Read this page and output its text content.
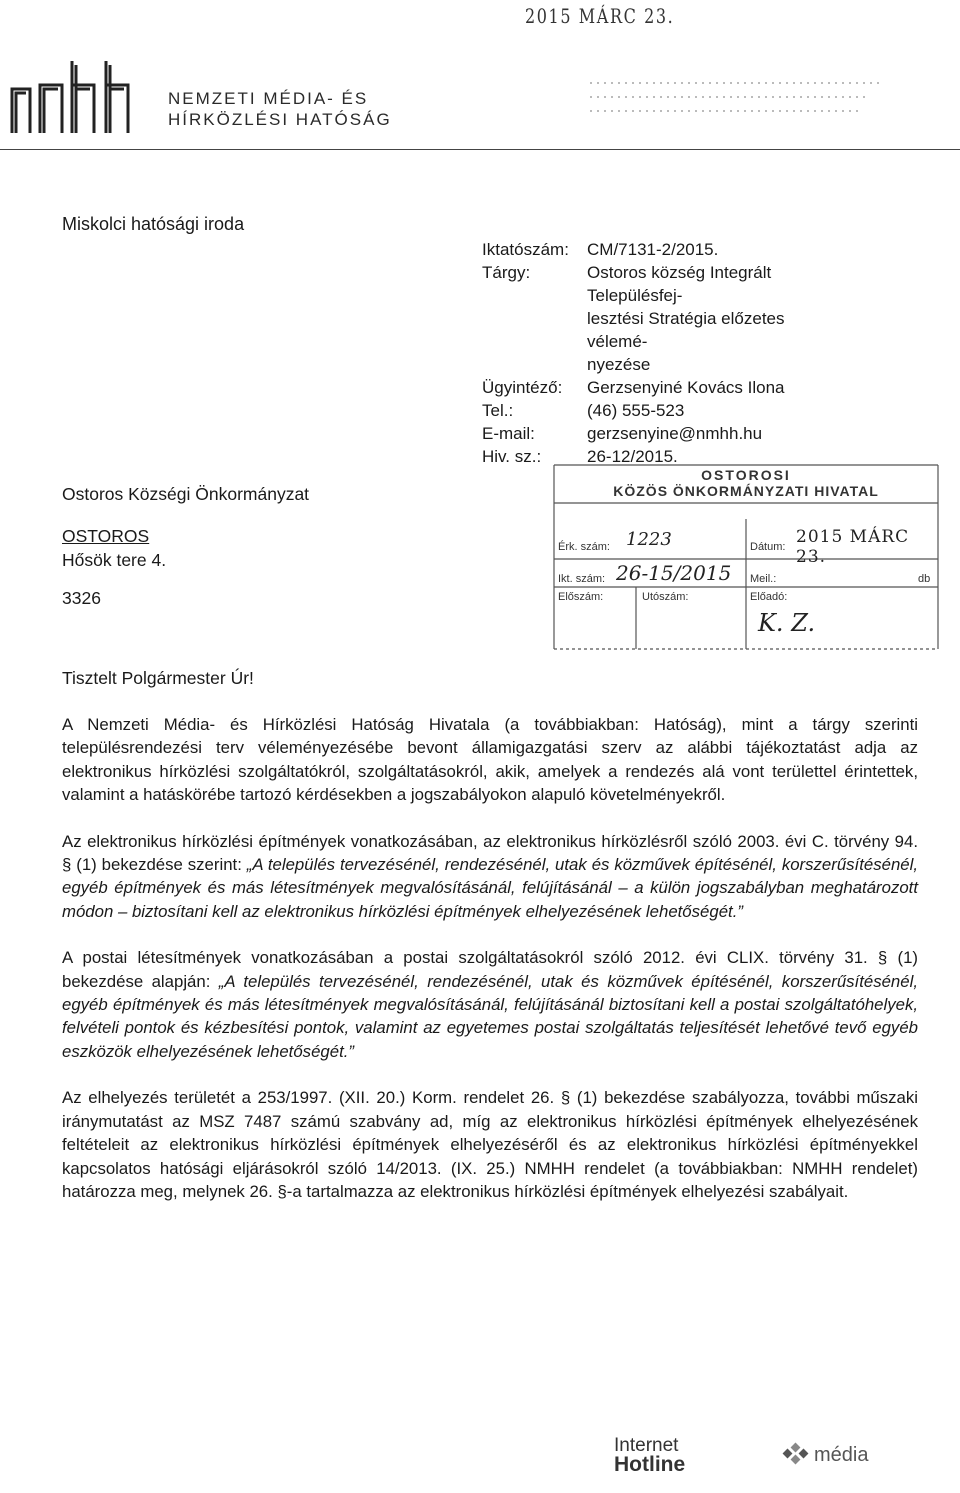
2015 MÁRC 23.
NEMZETI MÉDIA- ÉS
HÍRKÖZLÉSI HATÓSÁG
Miskolci hatósági iroda
Iktatószám:	CM/7131-2/2015.
Tárgy:	Ostoros község Integrált Településfej-
lesztési Stratégia előzetes vélemé-
nyezése
Ügyintéző:	Gerzsenyiné Kovács Ilona
Tel.:	(46) 555-523
E-mail:	gerzsenyine@nmhh.hu
Hiv. sz.:	26-12/2015.
Ostoros Községi Önkormányzat
OSTOROS
Hősök tere 4.
3326
OSTOROSI
KÖZÖS ÖNKORMÁNYZATI HIVATAL
Érk. szám: 1223	Dátum: 2015 MÁRC 23.
Ikt. szám: 26-15/2015 Meil.:	db
Előszám:	Utószám:	Előadó:
K. Z.
Tisztelt Polgármester Úr!

A Nemzeti Média- és Hírközlési Hatóság Hivatala (a továbbiakban: Hatóság), mint a tárgy szerinti településrendezési terv véleményezésébe bevont államigazgatási szerv az alábbi tájékoztatást adja az elektronikus hírközlési szolgáltatókról, szolgáltatásokról, akik, amelyek a rendezés alá vont területtel érintettek, valamint a hatáskörébe tartozó kérdésekben a jogszabályokon alapuló követelményekről.

Az elektronikus hírközlési építmények vonatkozásában, az elektronikus hírközlésről szóló 2003. évi C. törvény 94. § (1) bekezdése szerint: „A település tervezésénél, rendezésénél, utak és közművek építésénél, korszerűsítésénél, egyéb építmények és más létesítmények megvalósításánál, felújításánál – a külön jogszabályban meghatározott módon – biztosítani kell az elektronikus hírközlési építmények elhelyezésének lehetőségét.”

A postai létesítmények vonatkozásában a postai szolgáltatásokról szóló 2012. évi CLIX. törvény 31. § (1) bekezdése alapján: „A település tervezésénél, rendezésénél, utak és közművek építésénél, korszerűsítésénél, egyéb építmények és más létesítmények megvalósításánál, felújításánál biztosítani kell a postai szolgáltatóhelyek, felvételi pontok és kézbesítési pontok, valamint az egyetemes postai szolgáltatás teljesítését lehetővé tevő egyéb eszközök elhelyezésének lehetőségét.”

Az elhelyezés területét a 253/1997. (XII. 20.) Korm. rendelet 26. § (1) bekezdése szabályozza, további műszaki iránymutatást az MSZ 7487 számú szabvány ad, míg az elektronikus hírközlési építmények elhelyezésének feltételeit az elektronikus hírközlési építmények elhelyezéséről és az elektronikus hírközlési építményekkel kapcsolatos hatósági eljárásokról szóló 14/2013. (IX. 25.) NMHH rendelet (a továbbiakban: NMHH rendelet) határozza meg, melynek 26. §-a tartalmazza az elektronikus hírközlési építmények elhelyezési szabályait.

Internet
Hotline	média
